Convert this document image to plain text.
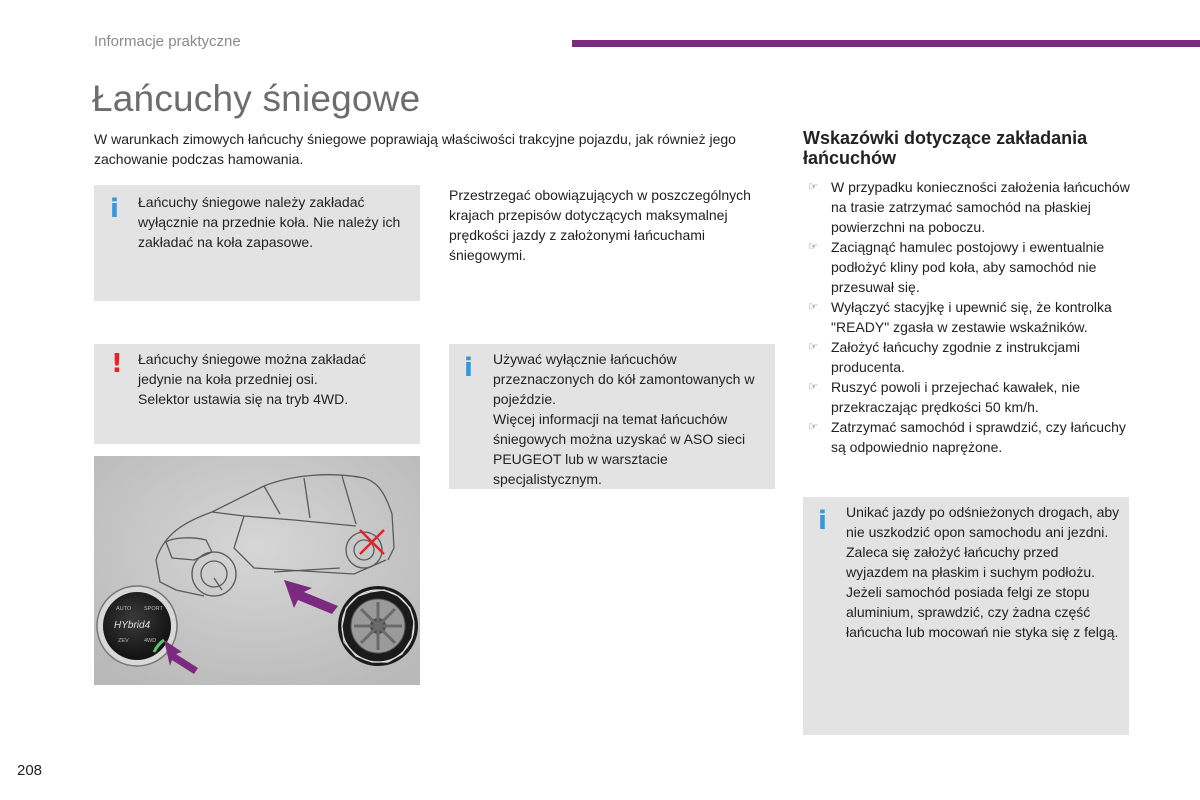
Informacje praktyczne
Łańcuchy śniegowe

W warunkach zimowych łańcuchy śniegowe poprawiają właściwości trakcyjne pojazdu, jak również jego zachowanie podczas hamowania.

i Łańcuchy śniegowe należy zakładać wyłącznie na przednie koła. Nie należy ich zakładać na koła zapasowe.
Przestrzegać obowiązujących w poszczególnych krajach przepisów dotyczących maksymalnej prędkości jazdy z założonymi łańcuchami śniegowymi.
! Łańcuchy śniegowe można zakładać jedynie na koła przedniej osi.
Selektor ustawia się na tryb 4WD.
i Używać wyłącznie łańcuchów przeznaczonych do kół zamontowanych w pojeździe.
Więcej informacji na temat łańcuchów śniegowych można uzyskać w ASO sieci PEUGEOT lub w warsztacie specjalistycznym.
AUTO SPORT
HYbrid4
ZEV	4WD
Wskazówki dotyczące zakładania łańcuchów
☞ W przypadku konieczności założenia łańcuchów na trasie zatrzymać samochód na płaskiej powierzchni na poboczu.
☞ Zaciągnąć hamulec postojowy i ewentualnie podłożyć kliny pod koła, aby samochód nie przesuwał się.
☞ Wyłączyć stacyjkę i upewnić się, że kontrolka "READY" zgasła w zestawie wskaźników.
☞ Założyć łańcuchy zgodnie z instrukcjami producenta.
☞ Ruszyć powoli i przejechać kawałek, nie przekraczając prędkości 50 km/h.
☞ Zatrzymać samochód i sprawdzić, czy łańcuchy są odpowiednio naprężone.
i Unikać jazdy po odśnieżonych drogach, aby nie uszkodzić opon samochodu ani jezdni. Zaleca się założyć łańcuchy przed wyjazdem na płaskim i suchym podłożu. Jeżeli samochód posiada felgi ze stopu aluminium, sprawdzić, czy żadna część łańcucha lub mocowań nie styka się z felgą.
208
